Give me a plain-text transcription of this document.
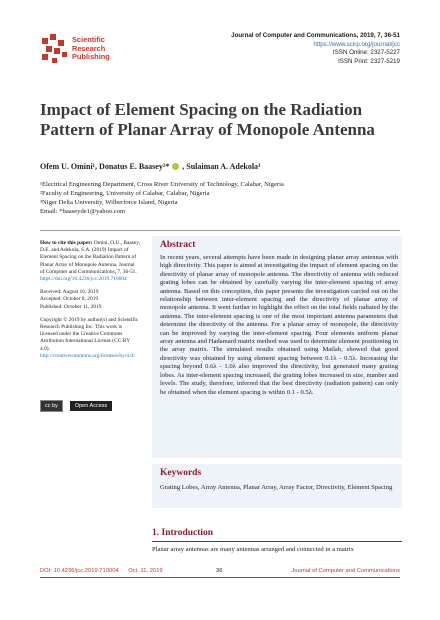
Scientific
Research
Publishing
Journal of Computer and Communications, 2019, 7, 36-51
https://www.scirp.org/journal/jcc
ISSN Online: 2327-5227
ISSN Print: 2327-5219
Impact of Element Spacing on the Radiation Pattern of Planar Array of Monopole Antenna
Ofem U. Omini¹, Donatus E. Baasey²* , Sulaiman A. Adekola³
¹Electrical Engineering Department, Cross River University of Technology, Calabar, Nigeria
²Faculty of Engineering, University of Calabar, Calabar, Nigeria
³Niger Delta University, Wilberforce Island, Nigeria
Email: *baaseyde1@yahoo.com

How to cite this paper: Omini, O.U., Baasey, D.E. and Adekola, S.A. (2019) Impact of Element Spacing on the Radiation Pattern of Planar Array of Monopole Antenna. Journal of Computer and Communications, 7, 36-51.
https://doi.org/10.4236/jcc.2019.710004

Received: August 16, 2019
Accepted: October 8, 2019
Published: October 11, 2019

Copyright © 2019 by author(s) and Scientific Research Publishing Inc. This work is licensed under the Creative Commons Attribution International License (CC BY 4.0).
http://creativecommons.org/licenses/by/4.0/

cc by	Open Access
Abstract
In recent years, several attempts have been made in designing planar array antennas with high directivity. This paper is aimed at investigating the impact of element spacing on the directivity of planar array of monopole antenna. The directivity of antenna with reduced grating lobes can be obtained by carefully varying the inter-element spacing of array antenna. Based on this conception, this paper presents the investigation carried out on the relationship between inter-element spacing and the directivity of planar array of monopole antenna. It went further to highlight the effect on the total fields radiated by the antenna. The inter-element spacing is one of the most important antenna parameters that determine the directivity of the antenna. For a planar array of monopole, the directivity can be improved by varying the inter-element spacing. Four elements uniform planar array antenna and Hadamard matrix method was used to determine element positioning in the array matrix. The simulated results obtained using Matlab, showed that good directivity was obtained by using element spacing between 0.1λ - 0.5λ. Increasing the spacing beyond 0.6λ - 1.0λ also improved the directivity, but generated many grating lobes. As inter-element spacing increased, the grating lobes increased in size, number and levels. The study, therefore, inferred that the best directivity (radiation pattern) can only be obtained when the element spacing is within 0.1 - 0.5λ.
Keywords
Grating Lobes, Array Antenna, Planar Array, Array Factor, Directivity, Element Spacing
1. Introduction
Planar array antennas are many antennas arranged and connected in a matrix
DOI: 10.4236/jcc.2019.710004 Oct. 11, 2019	36	Journal of Computer and Communications
